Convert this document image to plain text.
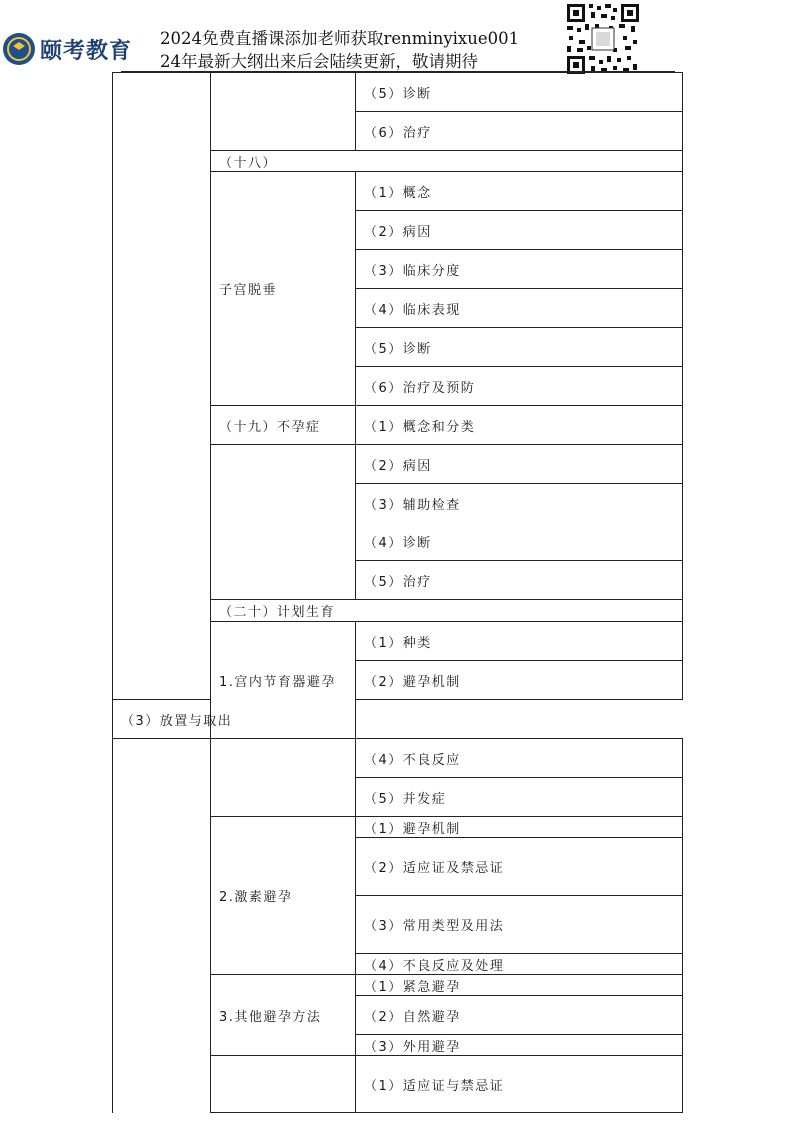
颐考教育 2024免费直播课添加老师获取renminyixue001
24年最新大纲出来后会陆续更新，敬请期待
		（5）诊断
		（6）治疗
	（十八）	
	子宫脱垂	（1）概念
		（2）病因
		（3）临床分度
		（4）临床表现
		（5）诊断
		（6）治疗及预防
	（十九）不孕症	（1）概念和分类
		（2）病因
		（3）辅助检查
		（4）诊断
		（5）治疗
	（二十）计划生育	
	1.宫内节育器避孕	（1）种类
		（2）避孕机制
（3）放置与取出		
		（4）不良反应
		（5）并发症
	2.激素避孕	（1）避孕机制
		（2）适应证及禁忌证
		（3）常用类型及用法
		（4）不良反应及处理
	3.其他避孕方法	（1）紧急避孕
		（2）自然避孕
		（3）外用避孕
		（1）适应证与禁忌证
